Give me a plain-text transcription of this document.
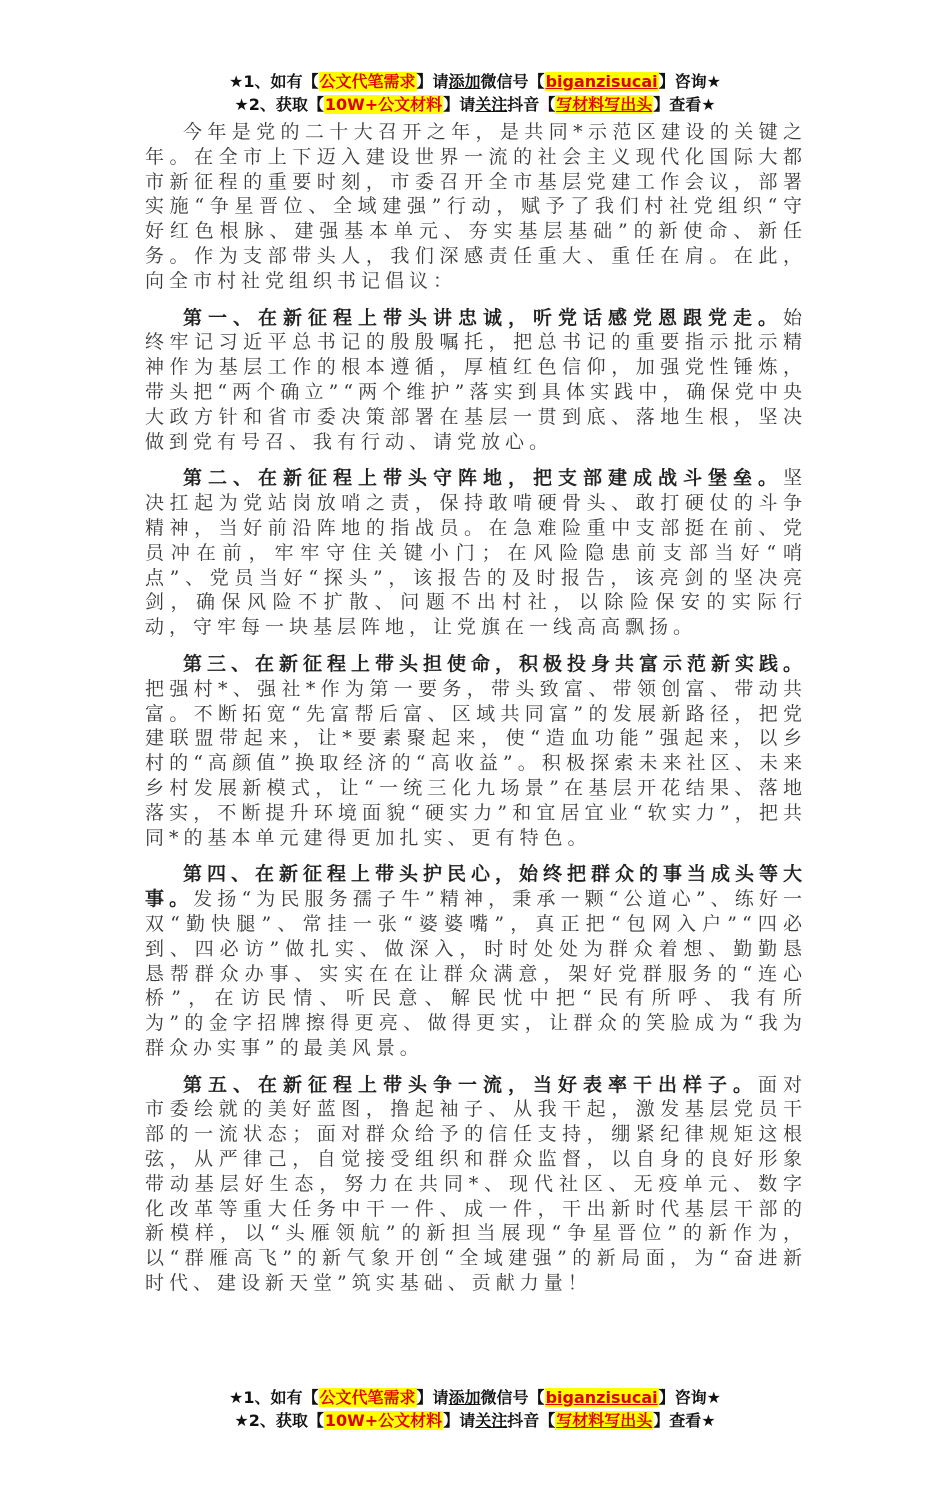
★1、如有【公文代笔需求】请添加微信号【biganzisucai】咨询★
★2、获取【10W+公文材料】请关注抖音【写材料写出头】查看★

今年是党的二十大召开之年，是共同*示范区建设的关键之年。在全市上下迈入建设世界一流的社会主义现代化国际大都市新征程的重要时刻，市委召开全市基层党建工作会议，部署实施“争星晋位、全域建强”行动，赋予了我们村社党组织“守好红色根脉、建强基本单元、夯实基层基础”的新使命、新任务。作为支部带头人，我们深感责任重大、重任在肩。在此，向全市村社党组织书记倡议：

第一、在新征程上带头讲忠诚，听党话感党恩跟党走。始终牢记习近平总书记的殷殷嘱托，把总书记的重要指示批示精神作为基层工作的根本遵循，厚植红色信仰，加强党性锤炼，带头把“两个确立”“两个维护”落实到具体实践中，确保党中央大政方针和省市委决策部署在基层一贯到底、落地生根，坚决做到党有号召、我有行动、请党放心。

第二、在新征程上带头守阵地，把支部建成战斗堡垒。坚决扛起为党站岗放哨之责，保持敢啃硬骨头、敢打硬仗的斗争精神，当好前沿阵地的指战员。在急难险重中支部挺在前、党员冲在前，牢牢守住关键小门；在风险隐患前支部当好“哨点”、党员当好“探头”，该报告的及时报告，该亮剑的坚决亮剑，确保风险不扩散、问题不出村社，以除险保安的实际行动，守牢每一块基层阵地，让党旗在一线高高飘扬。

第三、在新征程上带头担使命，积极投身共富示范新实践。把强村*、强社*作为第一要务，带头致富、带领创富、带动共富。不断拓宽“先富帮后富、区域共同富”的发展新路径，把党建联盟带起来，让*要素聚起来，使“造血功能”强起来，以乡村的“高颜值”换取经济的“高收益”。积极探索未来社区、未来乡村发展新模式，让“一统三化九场景”在基层开花结果、落地落实，不断提升环境面貌“硬实力”和宜居宜业“软实力”，把共同*的基本单元建得更加扎实、更有特色。

第四、在新征程上带头护民心，始终把群众的事当成头等大事。发扬“为民服务孺子牛”精神，秉承一颗“公道心”、练好一双“勤快腿”、常挂一张“婆婆嘴”，真正把“包网入户”“四必到、四必访”做扎实、做深入，时时处处为群众着想、勤勤恳恳帮群众办事、实实在在让群众满意，架好党群服务的“连心桥”，在访民情、听民意、解民忧中把“民有所呼、我有所为”的金字招牌擦得更亮、做得更实，让群众的笑脸成为“我为群众办实事”的最美风景。

第五、在新征程上带头争一流，当好表率干出样子。面对市委绘就的美好蓝图，撸起袖子、从我干起，激发基层党员干部的一流状态；面对群众给予的信任支持，绷紧纪律规矩这根弦，从严律己，自觉接受组织和群众监督，以自身的良好形象带动基层好生态，努力在共同*、现代社区、无疫单元、数字化改革等重大任务中干一件、成一件，干出新时代基层干部的新模样，以“头雁领航”的新担当展现“争星晋位”的新作为，以“群雁高飞”的新气象开创“全域建强”的新局面，为“奋进新时代、建设新天堂”筑实基础、贡献力量！

★1、如有【公文代笔需求】请添加微信号【biganzisucai】咨询★
★2、获取【10W+公文材料】请关注抖音【写材料写出头】查看★
